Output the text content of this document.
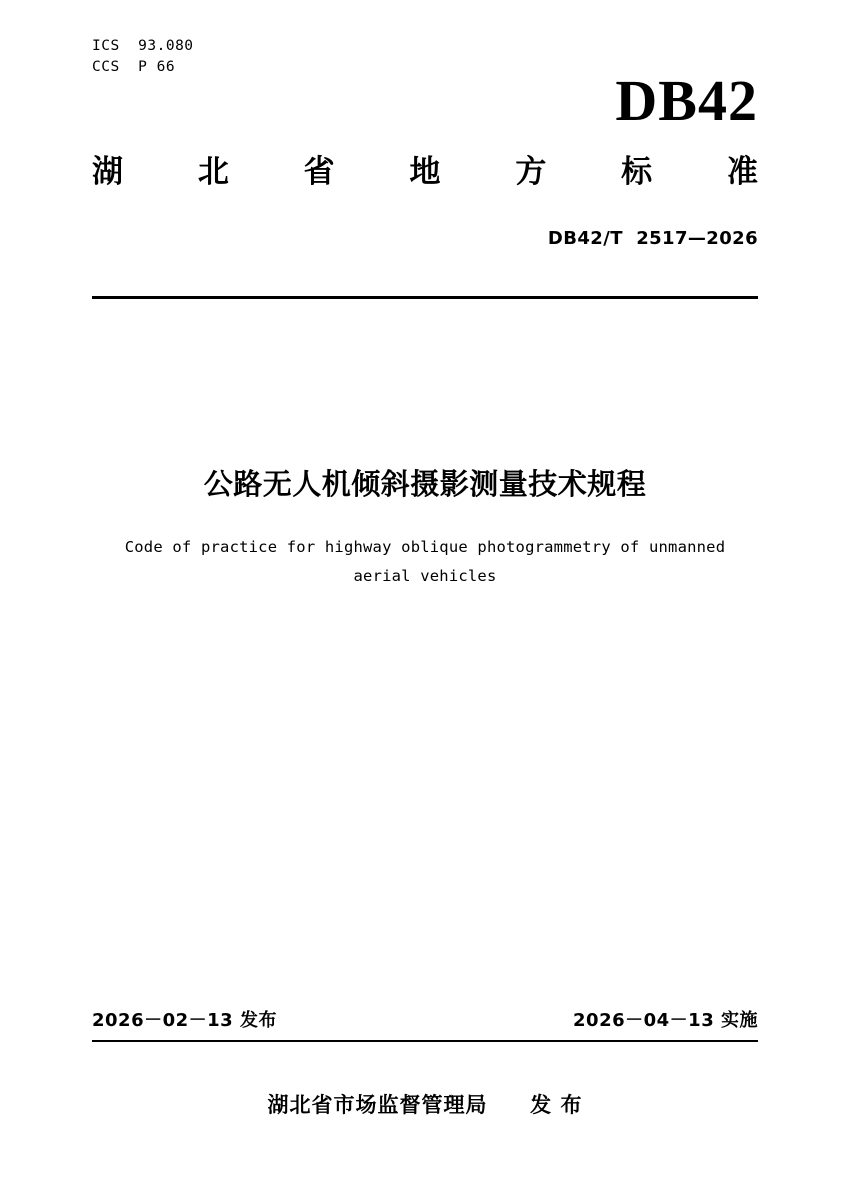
ICS  93.080
CCS  P 66
DB42
湖 北 省 地 方 标 准
DB42/T  2517—2026
公路无人机倾斜摄影测量技术规程
Code of practice for highway oblique photogrammetry of unmanned aerial vehicles
2026－02－13 发布	2026－04－13 实施
湖北省市场监督管理局 发 布
